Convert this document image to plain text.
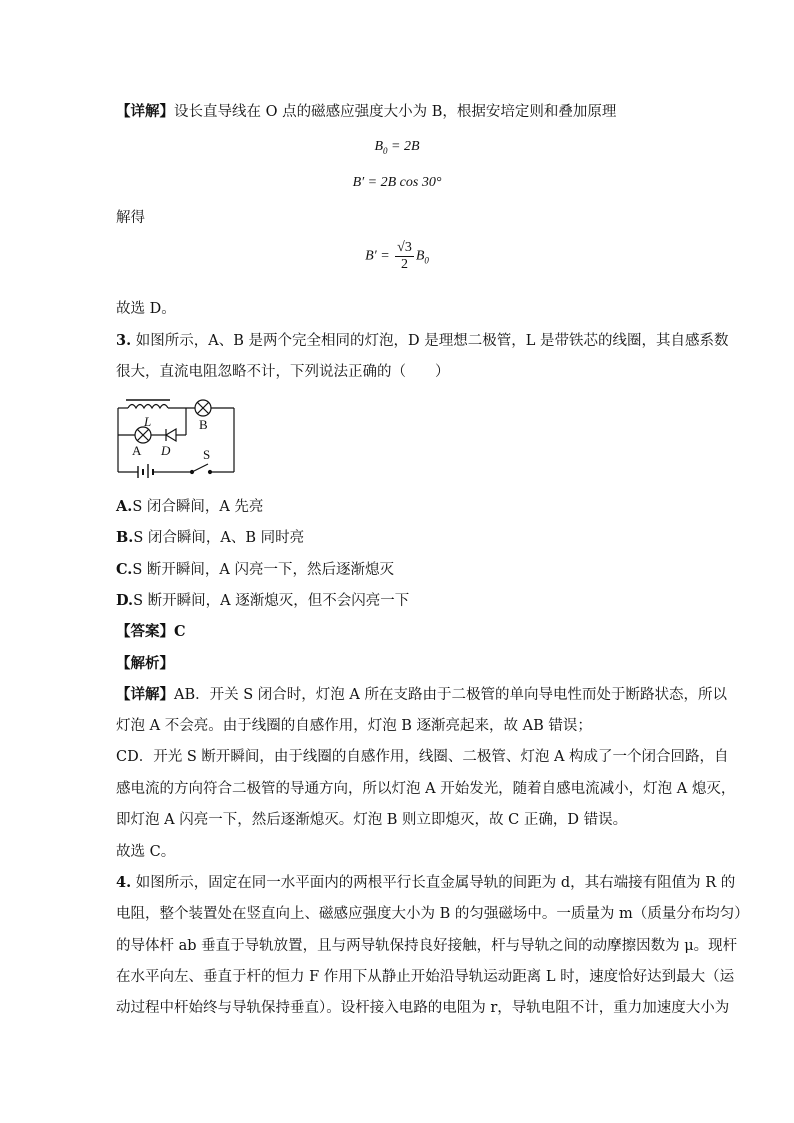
【详解】设长直导线在 O 点的磁感应强度大小为 B，根据安培定则和叠加原理
$B_0 = 2B$
B′ = 2B cos 30°
解得
$B' = \frac{√3}{2} B_0$
故选 D。
3. 如图所示，A、B 是两个完全相同的灯泡，D 是理想二极管，L 是带铁芯的线圈，其自感系数
很大，直流电阻忽略不计，下列说法正确的（　　）
L	B
A D	S
A.S 闭合瞬间，A 先亮
B.S 闭合瞬间，A、B 同时亮
C.S 断开瞬间，A 闪亮一下，然后逐渐熄灭
D.S 断开瞬间，A 逐渐熄灭，但不会闪亮一下
【答案】C
【解析】
【详解】AB．开关 S 闭合时，灯泡 A 所在支路由于二极管的单向导电性而处于断路状态，所以
灯泡 A 不会亮。由于线圈的自感作用，灯泡 B 逐渐亮起来，故 AB 错误；
CD．开光 S 断开瞬间，由于线圈的自感作用，线圈、二极管、灯泡 A 构成了一个闭合回路，自
感电流的方向符合二极管的导通方向，所以灯泡 A 开始发光，随着自感电流减小，灯泡 A 熄灭，
即灯泡 A 闪亮一下，然后逐渐熄灭。灯泡 B 则立即熄灭，故 C 正确，D 错误。
故选 C。
4. 如图所示，固定在同一水平面内的两根平行长直金属导轨的间距为 d，其右端接有阻值为 R 的
电阻，整个装置处在竖直向上、磁感应强度大小为 B 的匀强磁场中。一质量为 m（质量分布均匀）
的导体杆 ab 垂直于导轨放置，且与两导轨保持良好接触，杆与导轨之间的动摩擦因数为 μ。现杆
在水平向左、垂直于杆的恒力 F 作用下从静止开始沿导轨运动距离 L 时，速度恰好达到最大（运
动过程中杆始终与导轨保持垂直）。设杆接入电路的电阻为 r，导轨电阻不计，重力加速度大小为
